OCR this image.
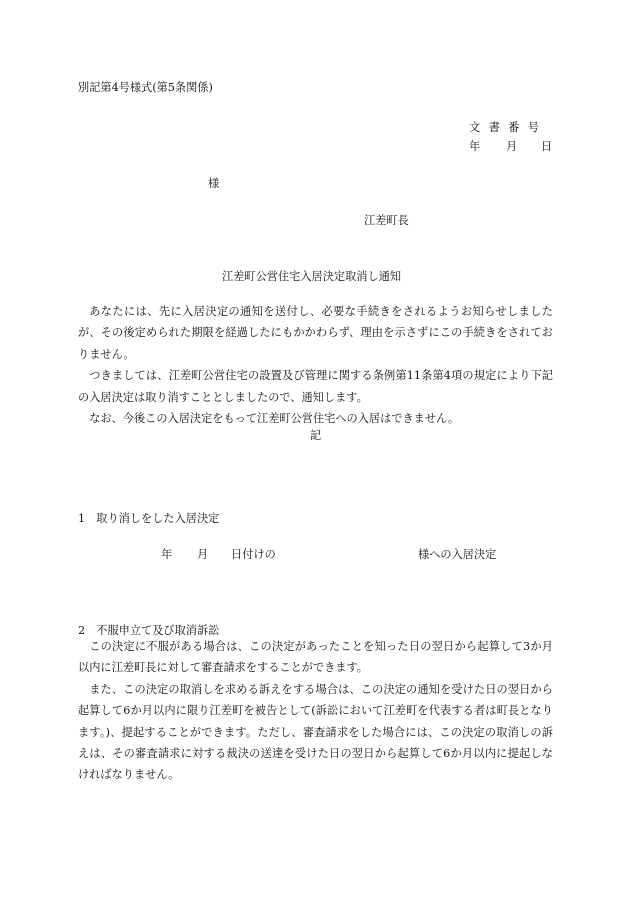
別記第4号様式(第5条関係)
文書番号
年 月 日
様
江差町長
江差町公営住宅入居決定取消し通知

あなたには、先に入居決定の通知を送付し、必要な手続きをされるようお知らせしましたが、その後定められた期限を経過したにもかかわらず、理由を示さずにこの手続きをされておりません。

つきましては、江差町公営住宅の設置及び管理に関する条例第11条第4項の規定により下記の入居決定は取り消すこととしましたので、通知します。

なお、今後この入居決定をもって江差町公営住宅への入居はできません。

記
1　取り消しをした入居決定
年 月 日付けの	様への入居決定
2　不服申立て及び取消訴訟

この決定に不服がある場合は、この決定があったことを知った日の翌日から起算して3か月以内に江差町長に対して審査請求をすることができます。

また、この決定の取消しを求める訴えをする場合は、この決定の通知を受けた日の翌日から起算して6か月以内に限り江差町を被告として(訴訟において江差町を代表する者は町長となります。)、提起することができます。ただし、審査請求をした場合には、この決定の取消しの訴えは、その審査請求に対する裁決の送達を受けた日の翌日から起算して6か月以内に提起しなければなりません。
